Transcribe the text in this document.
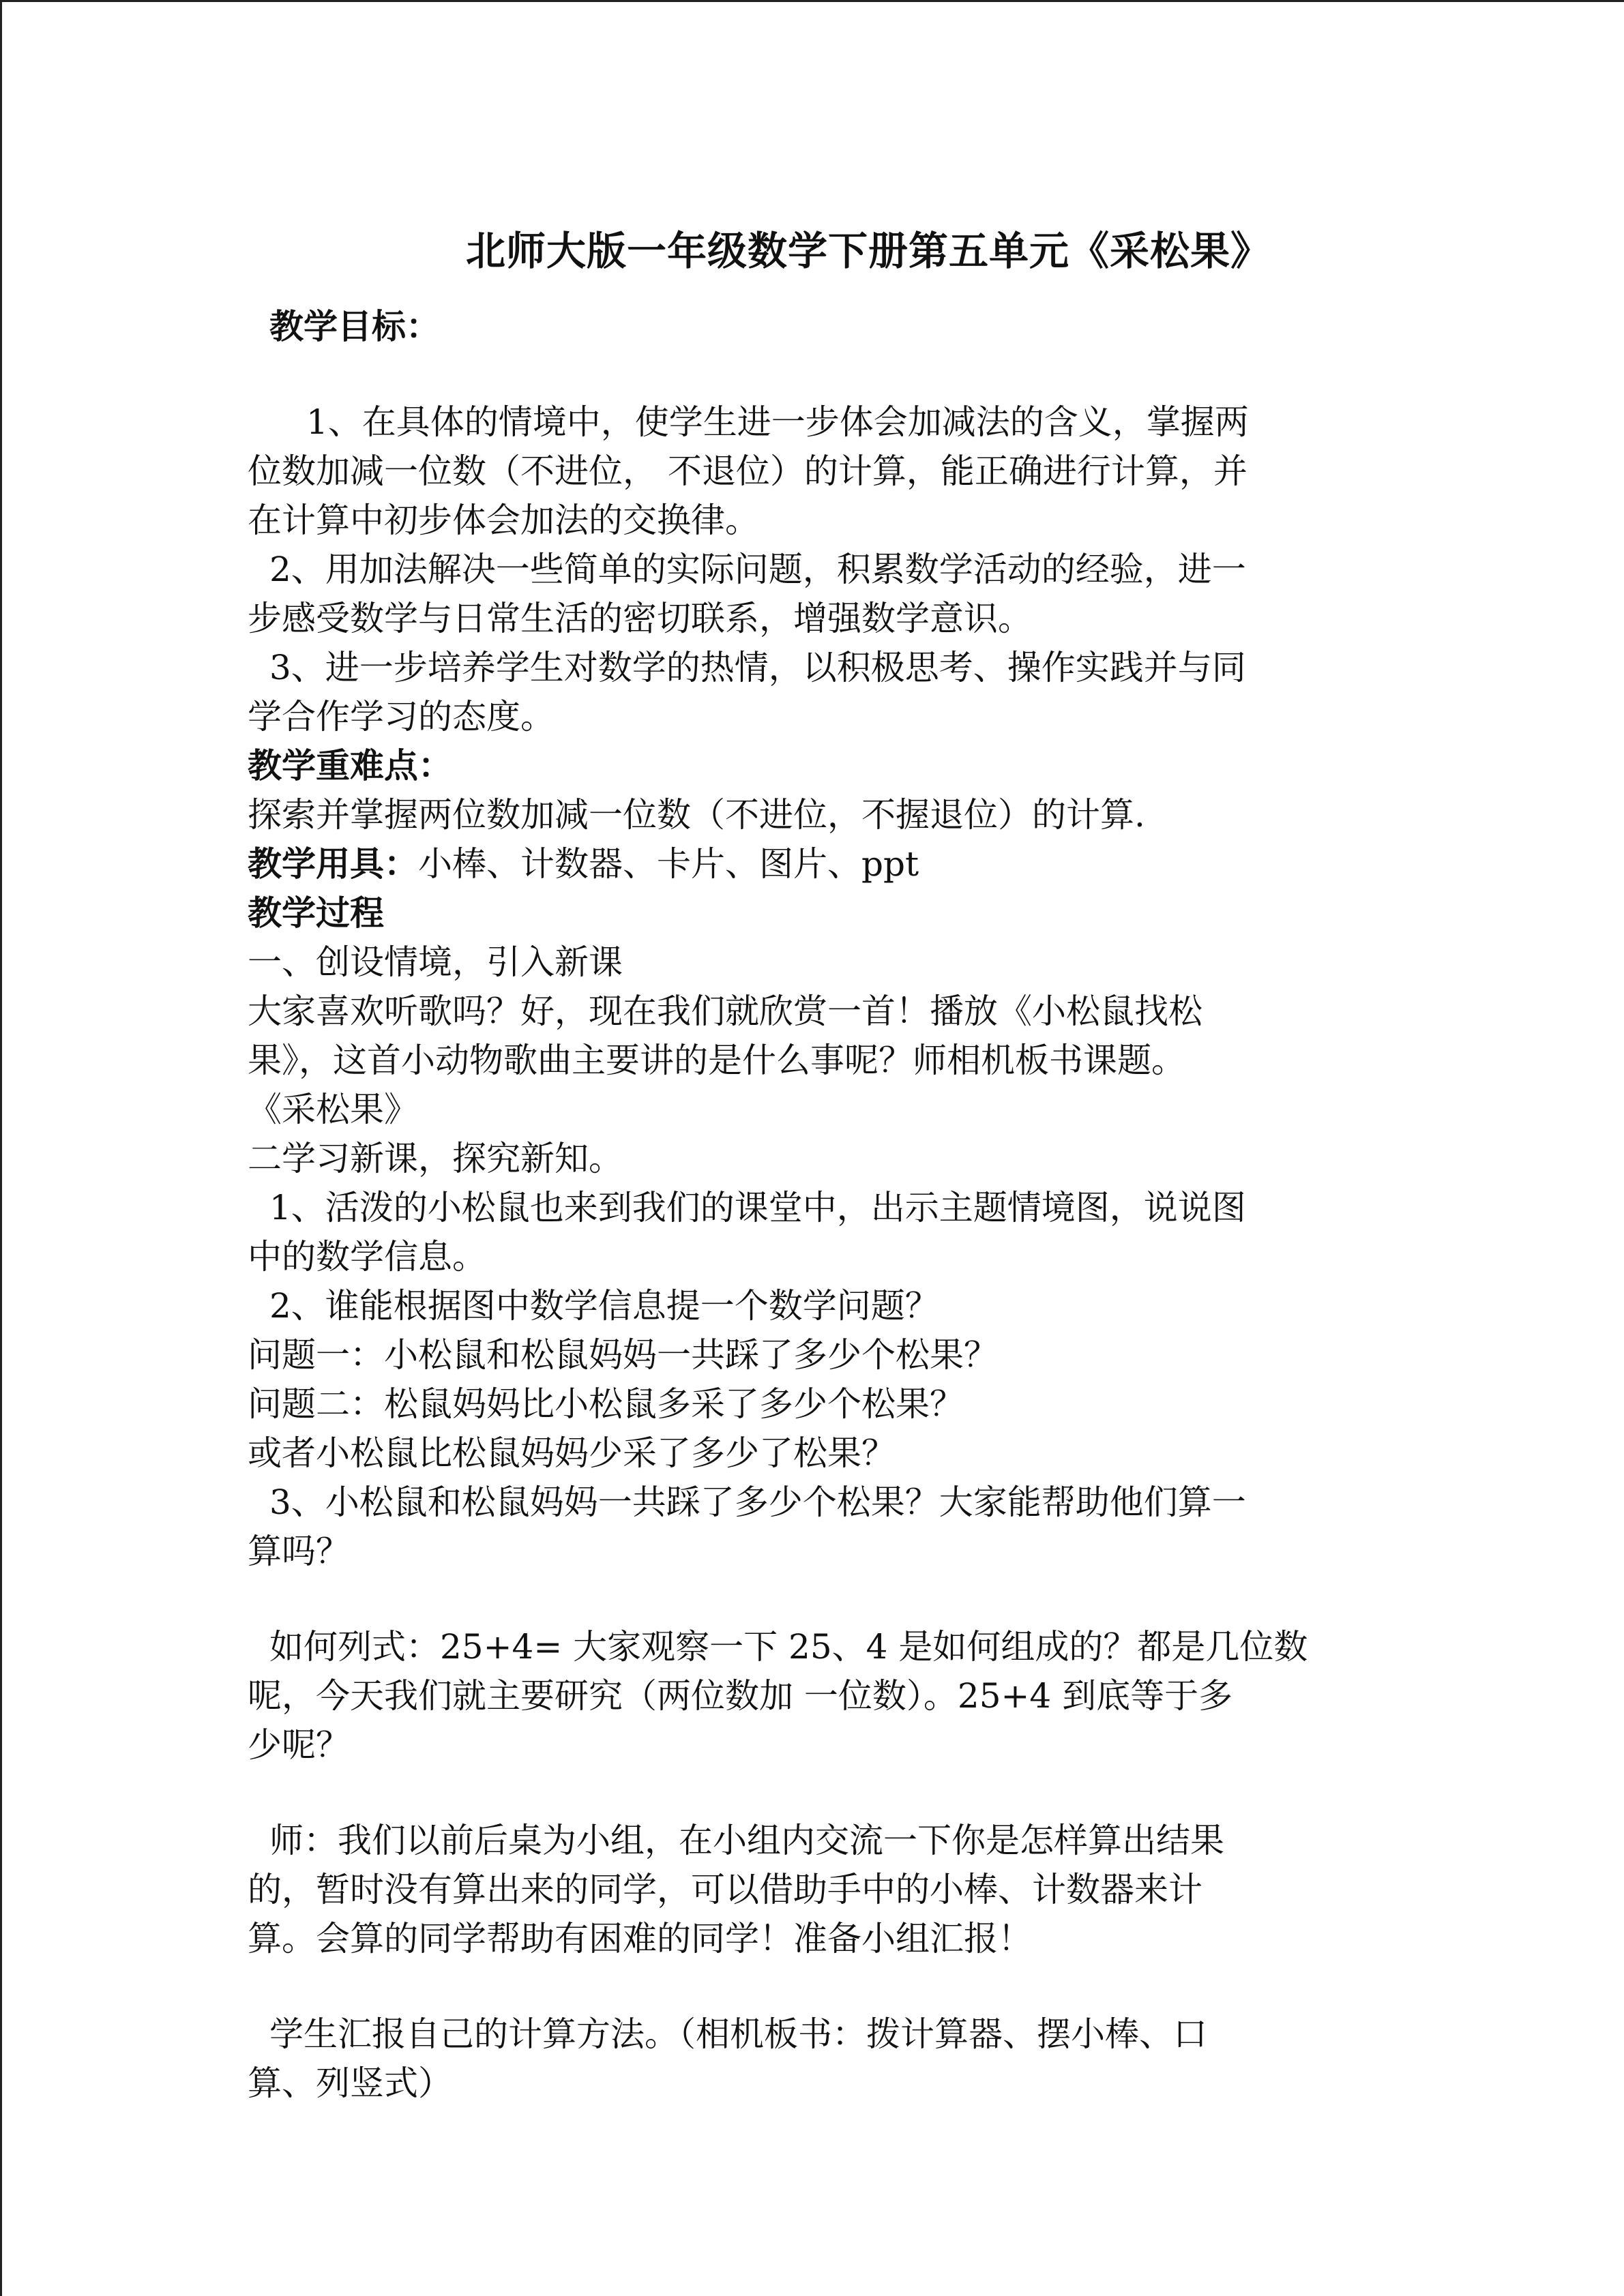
北师大版一年级数学下册第五单元《采松果》
教学目标：
1、在具体的情境中，使学生进一步体会加减法的含义，掌握两
位数加减一位数（不进位， 不退位）的计算，能正确进行计算，并
在计算中初步体会加法的交换律。
2、用加法解决一些简单的实际问题，积累数学活动的经验，进一
步感受数学与日常生活的密切联系，增强数学意识。
3、进一步培养学生对数学的热情，以积极思考、操作实践并与同
学合作学习的态度。
教学重难点：
探索并掌握两位数加减一位数（不进位，不握退位）的计算.
教学用具：小棒、计数器、卡片、图片、ppt
教学过程
一、创设情境，引入新课
大家喜欢听歌吗？好，现在我们就欣赏一首！播放《小松鼠找松
果》，这首小动物歌曲主要讲的是什么事呢？师相机板书课题。
《采松果》
二学习新课，探究新知。
1、活泼的小松鼠也来到我们的课堂中，出示主题情境图，说说图
中的数学信息。
2、谁能根据图中数学信息提一个数学问题？
问题一：小松鼠和松鼠妈妈一共踩了多少个松果？
问题二：松鼠妈妈比小松鼠多采了多少个松果？
或者小松鼠比松鼠妈妈少采了多少了松果？
3、小松鼠和松鼠妈妈一共踩了多少个松果？大家能帮助他们算一
算吗？
如何列式：25+4= 大家观察一下 25、4 是如何组成的？都是几位数
呢，今天我们就主要研究（两位数加 一位数）。25+4 到底等于多
少呢？
师：我们以前后桌为小组，在小组内交流一下你是怎样算出结果
的，暂时没有算出来的同学，可以借助手中的小棒、计数器来计
算。会算的同学帮助有困难的同学！准备小组汇报！
学生汇报自己的计算方法。（相机板书：拨计算器、摆小棒、口
算、列竖式）
